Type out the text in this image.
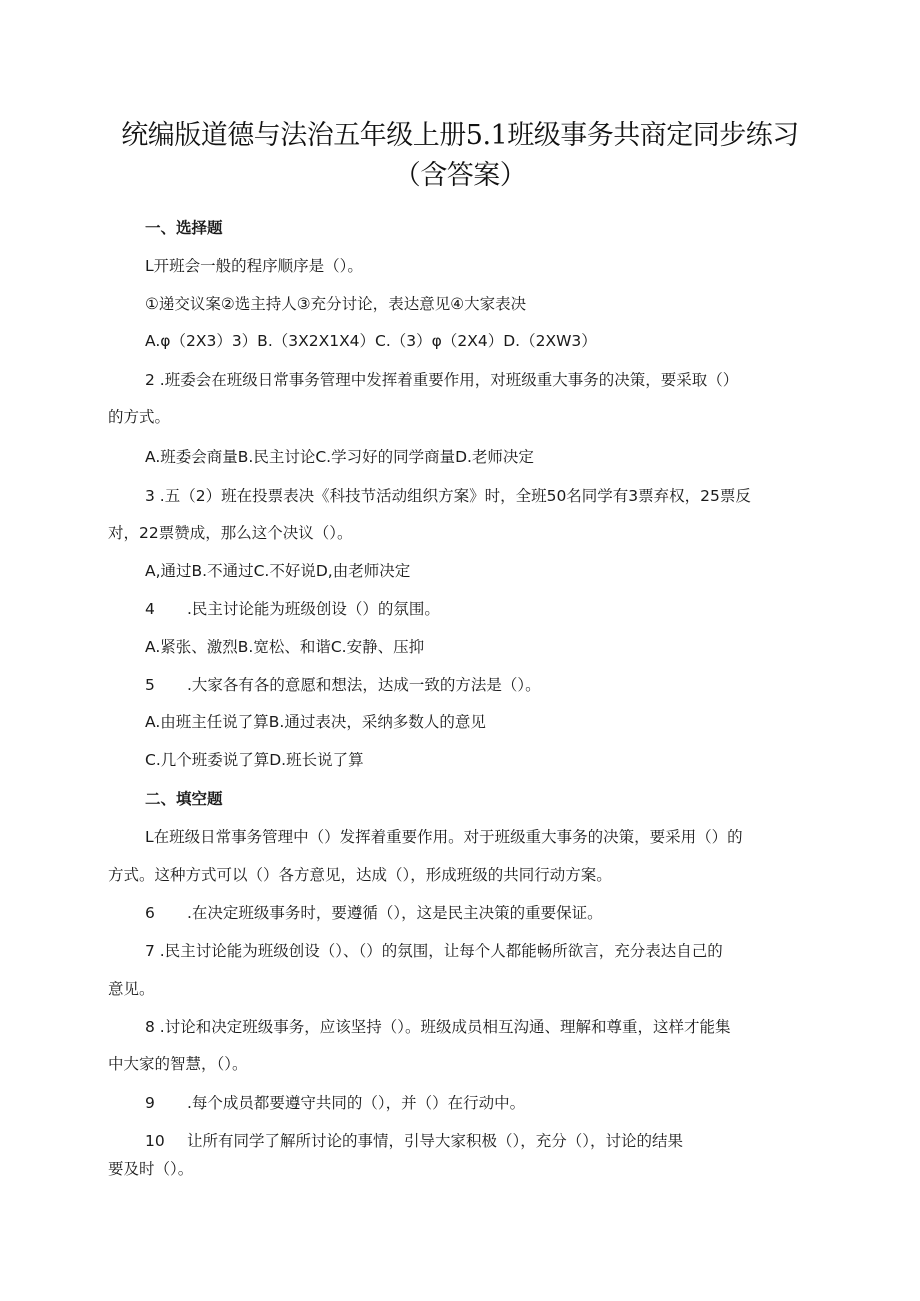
统编版道德与法治五年级上册5.1班级事务共商定同步练习
（含答案）
一、选择题
L开班会一般的程序顺序是（）。
①递交议案②选主持人③充分讨论，表达意见④大家表决
A.φ（2X3）3）B.（3X2X1X4）C.（3）φ（2X4）D.（2XW3）
2 .班委会在班级日常事务管理中发挥着重要作用，对班级重大事务的决策，要采取（）
的方式。
A.班委会商量B.民主讨论C.学习好的同学商量D.老师决定
3 .五（2）班在投票表决《科技节活动组织方案》时，全班50名同学有3票弃权，25票反
对，22票赞成，那么这个决议（）。
A,通过B.不通过C.不好说D,由老师决定
4 .民主讨论能为班级创设（）的氛围。
A.紧张、激烈B.宽松、和谐C.安静、压抑
5 .大家各有各的意愿和想法，达成一致的方法是（）。
A.由班主任说了算B.通过表决，采纳多数人的意见
C.几个班委说了算D.班长说了算
二、填空题
L在班级日常事务管理中（）发挥着重要作用。对于班级重大事务的决策，要采用（）的
方式。这种方式可以（）各方意见，达成（），形成班级的共同行动方案。
6 .在决定班级事务时，要遵循（），这是民主决策的重要保证。
7 .民主讨论能为班级创设（）、（）的氛围，让每个人都能畅所欲言，充分表达自己的
意见。
8 .讨论和决定班级事务，应该坚持（）。班级成员相互沟通、理解和尊重，这样才能集
中大家的智慧，（）。
9 .每个成员都要遵守共同的（），并（）在行动中。
10 让所有同学了解所讨论的事情，引导大家积极（），充分（），讨论的结果
要及时（）。
